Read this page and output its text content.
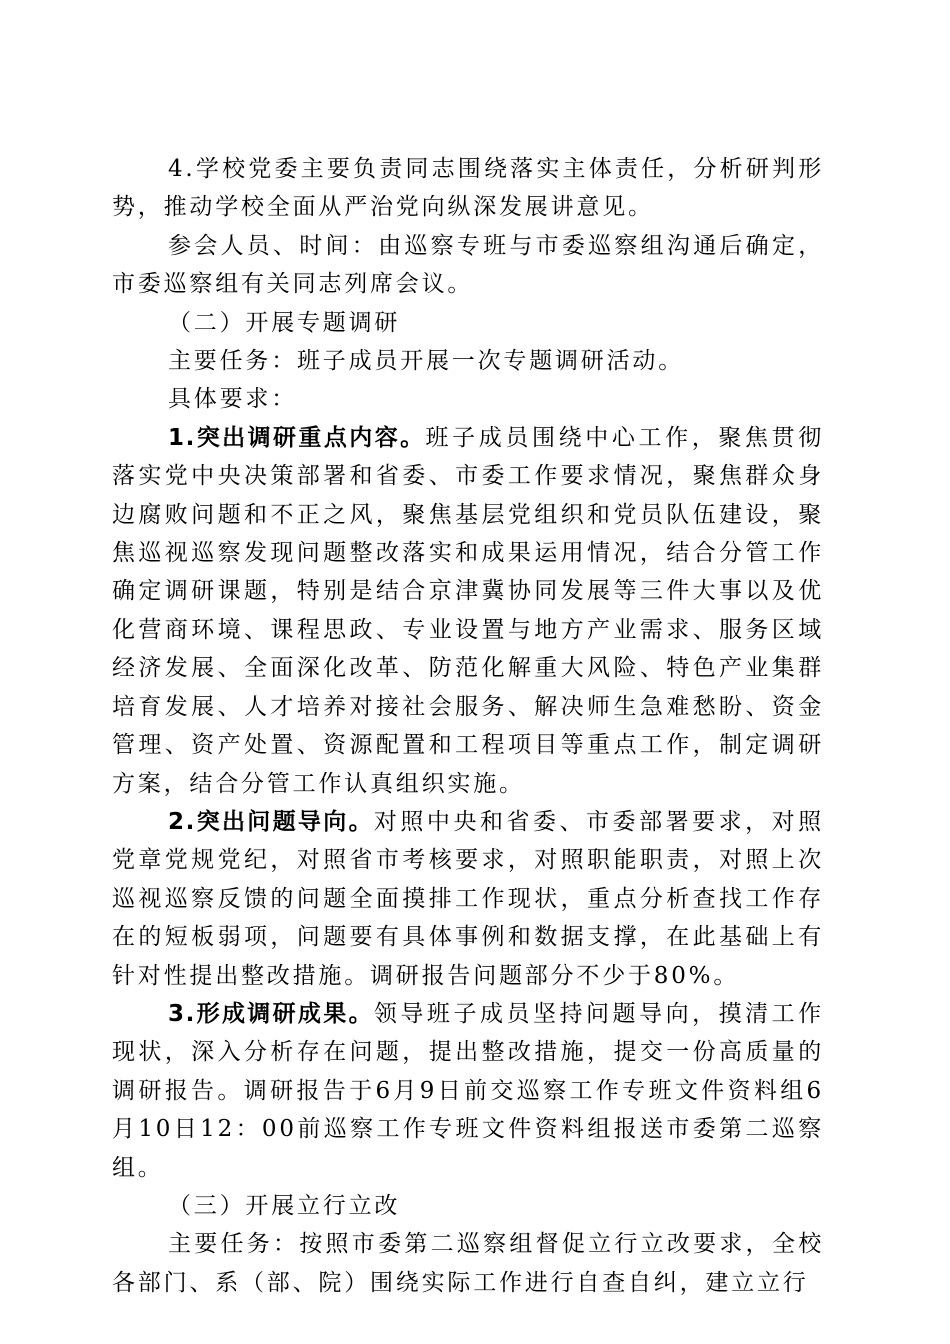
4.学校党委主要负责同志围绕落实主体责任，分析研判形势，推动学校全面从严治党向纵深发展讲意见。

参会人员、时间：由巡察专班与市委巡察组沟通后确定，市委巡察组有关同志列席会议。

（二）开展专题调研

主要任务：班子成员开展一次专题调研活动。

具体要求：

1.突出调研重点内容。班子成员围绕中心工作，聚焦贯彻落实党中央决策部署和省委、市委工作要求情况，聚焦群众身边腐败问题和不正之风，聚焦基层党组织和党员队伍建设，聚焦巡视巡察发现问题整改落实和成果运用情况，结合分管工作确定调研课题，特别是结合京津冀协同发展等三件大事以及优化营商环境、课程思政、专业设置与地方产业需求、服务区域经济发展、全面深化改革、防范化解重大风险、特色产业集群培育发展、人才培养对接社会服务、解决师生急难愁盼、资金管理、资产处置、资源配置和工程项目等重点工作，制定调研方案，结合分管工作认真组织实施。

2.突出问题导向。对照中央和省委、市委部署要求，对照党章党规党纪，对照省市考核要求，对照职能职责，对照上次巡视巡察反馈的问题全面摸排工作现状，重点分析查找工作存在的短板弱项，问题要有具体事例和数据支撑，在此基础上有针对性提出整改措施。调研报告问题部分不少于80%。

3.形成调研成果。领导班子成员坚持问题导向，摸清工作现状，深入分析存在问题，提出整改措施，提交一份高质量的调研报告。调研报告于6月9日前交巡察工作专班文件资料组6月10日12：00前巡察工作专班文件资料组报送市委第二巡察组。

（三）开展立行立改

主要任务：按照市委第二巡察组督促立行立改要求，全校各部门、系（部、院）围绕实际工作进行自查自纠，建立立行
